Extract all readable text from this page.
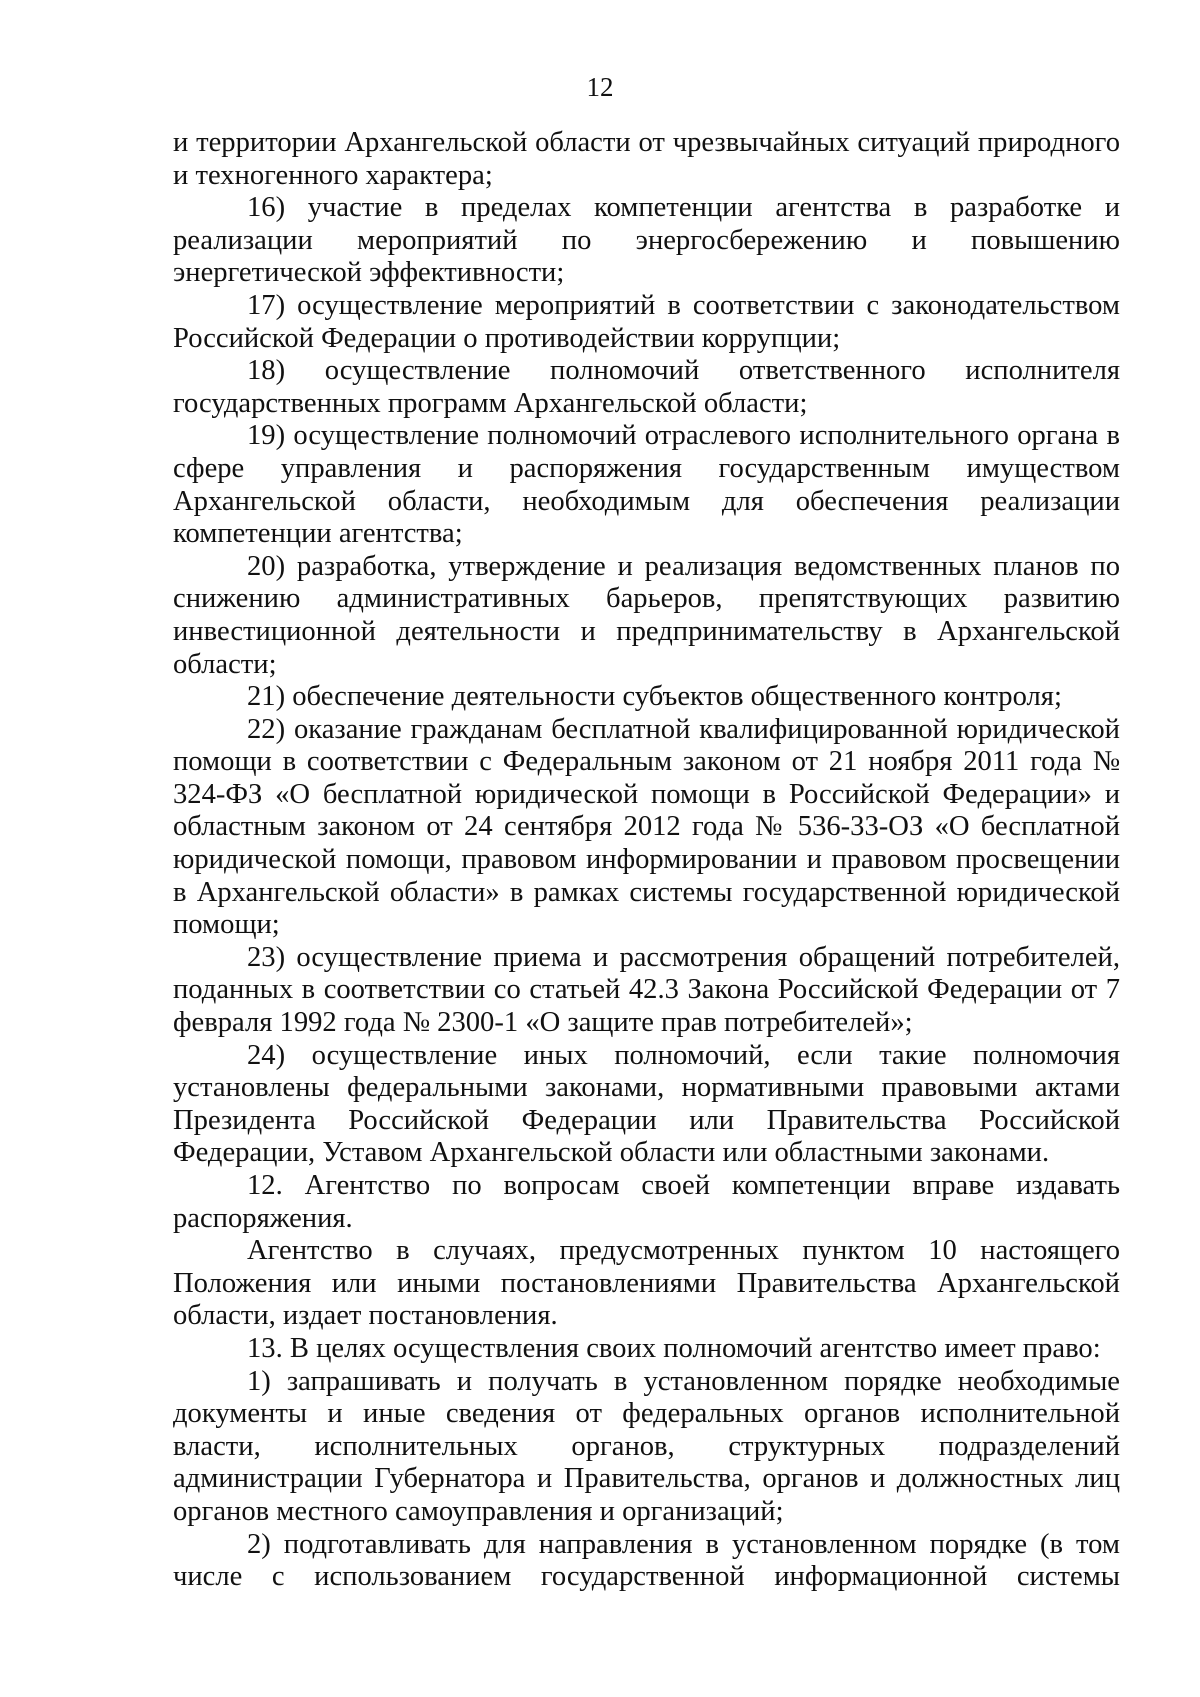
12

и территории Архангельской области от чрезвычайных ситуаций природного и техногенного характера;

16) участие в пределах компетенции агентства в разработке и реализации мероприятий по энергосбережению и повышению энергетической эффективности;

17) осуществление мероприятий в соответствии с законодательством Российской Федерации о противодействии коррупции;

18) осуществление полномочий ответственного исполнителя государственных программ Архангельской области;

19) осуществление полномочий отраслевого исполнительного органа в сфере управления и распоряжения государственным имуществом Архангельской области, необходимым для обеспечения реализации компетенции агентства;

20) разработка, утверждение и реализация ведомственных планов по снижению административных барьеров, препятствующих развитию инвестиционной деятельности и предпринимательству в Архангельской области;

21) обеспечение деятельности субъектов общественного контроля;

22) оказание гражданам бесплатной квалифицированной юридической помощи в соответствии с Федеральным законом от 21 ноября 2011 года № 324-ФЗ «О бесплатной юридической помощи в Российской Федерации» и областным законом от 24 сентября 2012 года № 536-33-ОЗ «О бесплатной юридической помощи, правовом информировании и правовом просвещении в Архангельской области» в рамках системы государственной юридической помощи;

23) осуществление приема и рассмотрения обращений потребителей, поданных в соответствии со статьей 42.3 Закона Российской Федерации от 7 февраля 1992 года № 2300-1 «О защите прав потребителей»;

24) осуществление иных полномочий, если такие полномочия установлены федеральными законами, нормативными правовыми актами Президента Российской Федерации или Правительства Российской Федерации, Уставом Архангельской области или областными законами.

12. Агентство по вопросам своей компетенции вправе издавать распоряжения.

Агентство в случаях, предусмотренных пунктом 10 настоящего Положения или иными постановлениями Правительства Архангельской области, издает постановления.

13. В целях осуществления своих полномочий агентство имеет право:

1) запрашивать и получать в установленном порядке необходимые документы и иные сведения от федеральных органов исполнительной власти, исполнительных органов, структурных подразделений администрации Губернатора и Правительства, органов и должностных лиц органов местного самоуправления и организаций;

2) подготавливать для направления в установленном порядке (в том числе с использованием государственной информационной системы
